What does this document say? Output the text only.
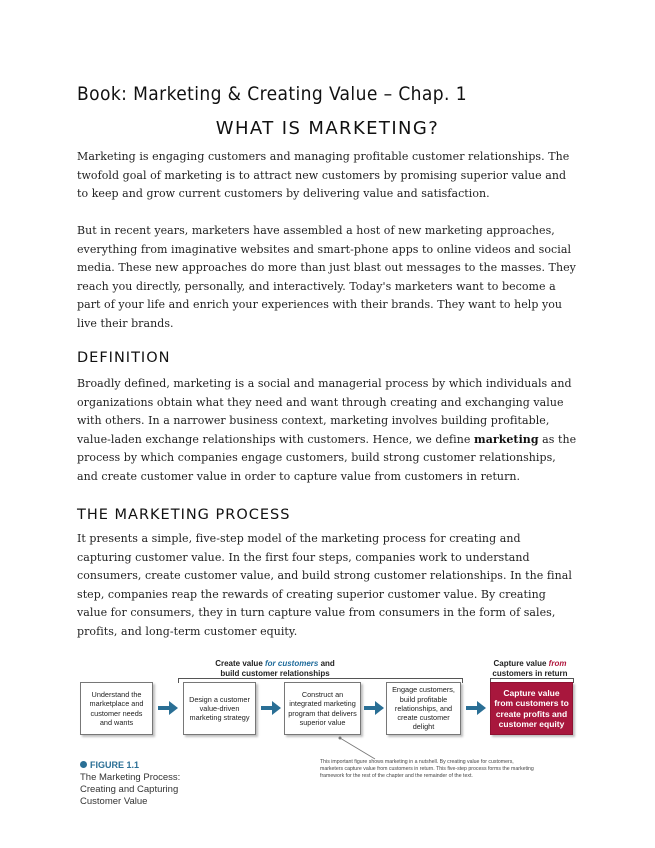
Book: Marketing & Creating Value – Chap. 1
WHAT IS MARKETING?

Marketing is engaging customers and managing profitable customer relationships. The twofold goal of marketing is to attract new customers by promising superior value and to keep and grow current customers by delivering value and satisfaction.

But in recent years, marketers have assembled a host of new marketing approaches, everything from imaginative websites and smart-phone apps to online videos and social media. These new approaches do more than just blast out messages to the masses. They reach you directly, personally, and interactively. Today's marketers want to become a part of your life and enrich your experiences with their brands. They want to help you live their brands.

DEFINITION

Broadly defined, marketing is a social and managerial process by which individuals and organizations obtain what they need and want through creating and exchanging value with others. In a narrower business context, marketing involves building profitable, value-laden exchange relationships with customers. Hence, we define marketing as the process by which companies engage customers, build strong customer relationships, and create customer value in order to capture value from customers in return.

THE MARKETING PROCESS

It presents a simple, five-step model of the marketing process for creating and capturing customer value. In the first four steps, companies work to understand consumers, create customer value, and build strong customer relationships. In the final step, companies reap the rewards of creating superior customer value. By creating value for consumers, they in turn capture value from consumers in the form of sales, profits, and long-term customer equity.

Create value for customers and
build customer relationships
Capture value from
customers in return
Understand the marketplace and customer needs and wants
Design a customer value-driven marketing strategy
Construct an integrated marketing program that delivers superior value
Engage customers, build profitable relationships, and create customer delight
Capture value from customers to create profits and customer equity
FIGURE 1.1
The Marketing Process: Creating and Capturing Customer Value
This important figure shows marketing in a nutshell. By creating value for customers, marketers capture value from customers in return. This five-step process forms the marketing framework for the rest of the chapter and the remainder of the text.
